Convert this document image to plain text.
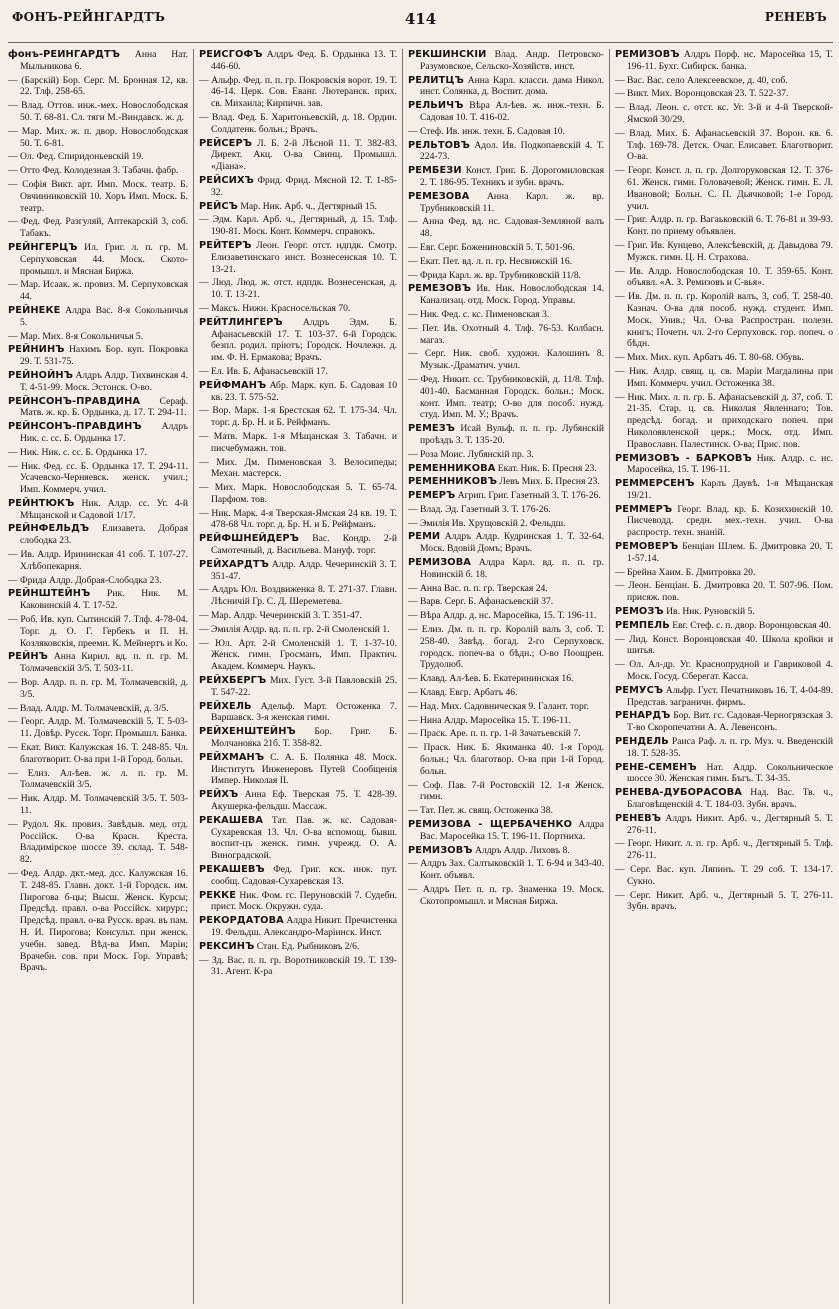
ФОНЪ-РЕЙНГАРДТЪ	414	РЕНЕВЪ

фонъ-РЕЙНГАРДТЪ Анна Нат. Мыльникова 6.

— (Барскій) Бор. Серг. М. Бронная 12, кв. 22. Тлф. 258-65.

— Влад. Оттов. инж.-мех. Новослободская 50. Т. 68-81. Сл. тяги М.-Виндавск. ж. д.

— Мар. Мих. ж. п. двор. Новослободская 50. Т. 6-81.

— Ол. Фед. Спиридоньевскій 19.

— Отто Фед. Колодезная 3. Табачн. фабр.

— Софія Викт. арт. Имп. Моск. театр. Б. Овчинниковскій 10. Хоръ Имп. Моск. Б. театр.

— Фед. Фед. Разгуляй, Аптекарскій 3, соб. Табакъ.

РЕЙНГЕРЦЪ Ил. Григ. л. п. гр. М. Серпуховская 44. Моск. Ското-промышл. и Мясная Биржа.

— Мар. Исаак. ж. провиз. М. Серпуховская 44.

РЕЙНЕКЕ Алдра Вас. 8-я Сокольничья 5.

— Мар. Мих. 8-я Сокольничья 5.

РЕЙНИНЪ Нахимъ Бор. куп. Покровка 29. Т. 531-75.

РЕЙНОЙНЪ Алдръ Алдр. Тихвинская 4. Т. 4-51-99. Моск. Эстонск. О-во.

РЕЙНСОНЪ-ПРАВДИНА Сераф. Матв. ж. кр. Б. Ордынка, д. 17. Т. 294-11.

РЕЙНСОНЪ-ПРАВДИНЪ Алдръ Ник. с. сс. Б. Ордынка 17.

— Ник. Ник. с. сс. Б. Ордынка 17.

— Ник. Фед. сс. Б. Ордынка 17. Т. 294-11. Усачевско-Черняевск. женск. учил.; Имп. Коммерч. учил.

РЕЙНТЮКЪ Ник. Алдр. сс. Уг. 4-й Мѣщанской и Садовой 1/17.

РЕЙНФЕЛЬДЪ Елизавета. Добрая слободка 23.

— Ив. Алдр. Ирининская 41 соб. Т. 107-27. Хлѣбопекарня.

— Фрида Алдр. Добрая-Слободка 23.

РЕЙНШТЕЙНЪ Рик. Ник. М. Каковинскій 4. Т. 17-52.

— Роб. Ив. куп. Сытинскій 7. Тлф. 4-78-04. Торг. д. О. Г. Гербекъ и П. Н. Козляковскія, преемн. К. Мейнертъ и Ко.

РЕЙНЪ Анна Кирил. вд. п. п. гр. М. Толмачевскій 3/5. Т. 503-11.

— Вор. Алдр. п. п. гр. М. Толмачевскій, д. 3/5.

— Влад. Алдр. М. Толмачевскій, д. 3/5.

— Георг. Алдр. М. Толмачевскій 5. Т. 5-03-11. Довѣр. Русск. Торг. Промышл. Банка.

— Екат. Викт. Калужская 16. Т. 248-85. Чл. благотворит. О-ва при 1-й Город. больн.

— Елиз. Ал-ѣев. ж. л. п. гр. М. Толмачевскій 3/5.

— Ник. Алдр. М. Толмачевскій 3/5. Т. 503-11.

— Рудол. Як. провиз. Завѣдыв. мед. отд. Россійск. О-ва Красн. Креста. Владимірское шоссе 39. склад. Т. 548-82.

— Фед. Алдр. дкт.-мед. дсс. Калужская 16. Т. 248-85. Главн. докт. 1-й Городск. им. Пирогова б-цы; Высш. Женск. Курсы; Предсѣд. правл. о-ва Россійск. хирург.; Предсѣд. правл. о-ва Русск. врач. въ пам. Н. И. Пирогова; Консульт. при женск. учебн. завед. Вѣд-ва Имп. Маріи; Врачебн. сов. при Моск. Гор. Управѣ; Врачъ.

РЕЙСГОФЪ Алдръ Фед. Б. Ордынка 13. Т. 446-60.

— Альфр. Фед. п. п. гр. Покровскія ворот. 19. Т. 46-14. Церк. Сов. Еванг. Лютеранск. прих. св. Михаила; Кирпичн. зав.

— Влад. Фед. Б. Харитоньевскій, д. 18. Ордин. Солдатенк. больн.; Врачъ.

РЕЙСЕРЪ Л. Б. 2-й Лѣсной 11. Т. 382-83. Директ. Акц. О-ва Свинц. Промышл. «Діана».

РЕЙСИХЪ Фрид. Фрид. Мясной 12. Т. 1-85-32.

РЕЙСЪ Мар. Ник. Арб. ч., Дегтярный 15.

— Эдм. Карл. Арб. ч., Дегтярный, д. 15. Тлф. 190-81. Моск. Конт. Коммерч. справокъ.

РЕЙТЕРЪ Леон. Георг. отст. ндпдк. Смотр. Елизаветинскаго инст. Вознесенская 10. Т. 13-21.

— Люд. Люд. ж. отст. ндпдк. Вознесенская, д. 10. Т. 13-21.

— Максъ. Нижн. Красносельская 70.

РЕЙТЛИНГЕРЪ Алдръ Эдм. Б. Афанасьевскій 17. Т. 103-37. 6-й Городск. безпл. родил. пріютъ; Городск. Ночлежн. д. им. Ф. Н. Ермакова; Врачъ.

— Ел. Ив. Б. Афанасьевскій 17.

РЕЙФМАНЪ Абр. Марк. куп. Б. Садовая 10 кв. 23. Т. 575-52.

— Вор. Марк. 1-я Брестская 62. Т. 175-34. Чл. торг. д. Бр. Н. и Б. Рейфманъ.

— Матв. Марк. 1-я Мѣщанская 3. Табачн. и писчебумажн. тов.

— Мих. Дм. Пименовская 3. Велосипеды; Механ. мастерск.

— Мих. Марк. Новослободская 5. Т. 65-74. Парфюм. тов.

— Ник. Марк. 4-я Тверская-Ямская 24 кв. 19. Т. 478-68 Чл. торг. д. Бр. Н. и Б. Рейфманъ.

РЕЙФШНЕЙДЕРЪ Вас. Кондр. 2-й Самотечный, д. Васильева. Мануф. торг.

РЕЙХАРДТЪ Алдр. Алдр. Чечеринскій 3. Т. 351-47.

— Алдръ Юл. Воздвиженка 8. Т. 271-37. Главн. Лѣсничій Гр. С. Д. Шереметева.

— Мар. Алдр. Чечеринскій 3. Т. 351-47.

— Эмилія Алдр. вд. п. п. гр. 2-й Смоленскій 1.

— Юл. Арт. 2-й Смоленскій 1. Т. 1-37-10. Женск. гимн. Гросманъ, Имп. Практич. Академ. Коммерч. Наукъ.

РЕЙХБЕРГЪ Мих. Густ. 3-й Павловскій 25. Т. 547-22.

РЕЙХЕЛЬ Адельф. Март. Остоженка 7. Варшавск. 3-я женская гимн.

РЕЙХЕНШТЕЙНЪ Бор. Григ. Б. Молчановка 21б. Т. 358-82.

РЕЙХМАНЪ С. А. Б. Полянка 48. Моск. Институтъ Инженеровъ Путей Сообщенія Импер. Николая II.

РЕЙХЪ Анна Еф. Тверская 75. Т. 428-39. Акушерка-фельдш. Массаж.

РЕКАШЕВА Тат. Пав. ж. кс. Садовая-Сухаревская 13. Чл. О-ва вспомощ. бывш. воспит-цъ женск. гимн. учрежд. О. А. Виноградской.

РЕКАШЕВЪ Фед. Григ. кск. инж. пут. сообщ. Садовая-Сухаревская 13.

РЕККЕ Ник. Фом. гс. Перуновскій 7. Судебн. прист. Моск. Окружн. суда.

РЕКОРДАТОВА Алдра Никит. Пречистенка 19. Фельдш. Александро-Маріинск. Инст.

РЕКСИНЪ Стан. Ед. Рыбниковъ 2/6.

— Зд. Вас. п. п. гр. Воротниковскій 19. Т. 139-31. Агент. К-ра

РЕКШИНСКІЙ Влад. Андр. Петровско-Разумовское, Сельско-Хозяйств. инст.

РЕЛИТЦЪ Анна Карл. класси. дама Никол. инст. Солянка, д. Воспит. дома.

РЕЛЬИЧЪ Вѣра Ал-ѣев. ж. инж.-техн. Б. Садовая 10. Т. 416-02.

— Стеф. Ив. инж. техн. Б. Садовая 10.

РЕЛЬТОВЪ Адол. Ив. Подкопаевскій 4. Т. 224-73.

РЕМБЕЗИ Конст. Григ. Б. Дорогомиловская 2. Т. 186-95. Техникъ и зубн. врачъ.

РЕМЕЗОВА Анна Карл. ж. вр. Трубниковскій 11.

— Анна Фед. вд. нс. Садовая-Земляной валъ 48.

— Евг. Серг. Божениновскій 5. Т. 501-96.

— Екат. Пет. вд. л. п. гр. Несвижскій 16.

— Фрида Карл. ж. вр. Трубниковскій 11/8.

РЕМЕЗОВЪ Ив. Ник. Новослободская 14. Канализац. отд. Моск. Город. Управы.

— Ник. Фед. с. кс. Пименовская 3.

— Пет. Ив. Охотный 4. Тлф. 76-53. Колбасн. магаз.

— Серг. Ник. своб. художн. Калошинъ 8. Музык.-Драматич. учил.

— Фед. Никит. сс. Трубниковскій, д. 11/8. Тлф. 401-40. Басманная Городск. больн.; Моск. конт. Имп. театр; О-во для пособ. нужд. студ. Имп. М. У.; Врачъ.

РЕМЕЗЪ Исай Вульф. п. п. гр. Лубянскій проѣздъ 3. Т. 135-20.

— Роза Моис. Лубянскій пр. 3.

РЕМЕННИКОВА Екат. Ник. Б. Пресня 23.

РЕМЕННИКОВЪ Левъ Мих. Б. Пресня 23.

РЕМЕРЪ Агрип. Григ. Газетный 3. Т. 176-26.

— Влад. Эд. Газетный 3. Т. 176-26.

— Эмилія Ив. Хрущовскій 2. Фельдш.

РЕМИ Алдръ Алдр. Кудринская 1. Т. 32-64. Моск. Вдовій Домъ; Врачъ.

РЕМИЗОВА Алдра Карл. вд. п. п. гр. Новинскій б. 18.

— Анна Вас. п. п. гр. Тверская 24.

— Варв. Серг. Б. Афанасьевскій 37.

— Вѣра Алдр. д. нс. Маросейка, 15. Т. 196-11.

— Елиз. Дм. п. п. гр. Королій валъ 3, соб. Т. 258-40. Завѣд. богад. 2-го Серпуховск. городск. попеч-ва о бѣдн.; О-во Поощрен. Трудолюб.

— Клавд. Ал-ѣев. Б. Екатерининская 16.

— Клавд. Евгр. Арбатъ 46.

— Над. Мих. Садовническая 9. Галант. торг.

— Нина Алдр. Маросейка 15. Т. 196-11.

— Праск. Аре. п. п. гр. 1-й Зачатьевскій 7.

— Праск. Ник. Б. Якиманка 40. 1-я Город. больн.; Чл. благотвор. О-ва при 1-й Город. больн.

— Соф. Пав. 7-й Ростовскій 12. 1-я Женск. гимн.

— Тат. Пет. ж. свящ. Остоженка 38.

РЕМИЗОВА - ЩЕРБАЧЕНКО Алдра Вас. Маросейка 15. Т. 196-11. Портниха.

РЕМИЗОВЪ Алдръ Алдр. Лиховъ 8.

— Алдръ Зах. Салтыковскій 1. Т. 6-94 и 343-40. Конт. объявл.

— Алдръ Пет. п. п. гр. Знаменка 19. Моск. Скотопромышл. и Мясная Биржа.

РЕМИЗОВЪ Алдръ Порф. нс. Маросейка 15, Т. 196-11. Бухг. Сибирск. банка.

— Вас. Вас. село Алексеевское, д. 40, соб.

— Викт. Мих. Воронцовская 23. Т. 522-37.

— Влад. Леон. с. отст. кс. Уг. 3-й и 4-й Тверской-Ямской 30/29.

— Влад. Мих. Б. Афанасьевскій 37. Ворон. кв. 6. Тлф. 169-78. Детск. Очаг. Елисавет. Благотворит. О-ва.

— Георг. Конст. л. п. гр. Долгоруковская 12. Т. 376-61. Женск. гимн. Головачевой; Женск. гимн. Е. Л. Ивановой; Больн. С. П. Дьячковой; 1-е Город. учил.

— Григ. Алдр. п. гр. Вагаьковскій 6. Т. 76-81 и 39-93. Конт. по приему объявлен.

— Григ. Ив. Кунцево, Алексѣевскій, д. Давыдова 79. Мужск. гимн. Ц. Н. Страхова.

— Ив. Алдр. Новослободская 10. Т. 359-65. Конт. объявл. «А. З. Ремизовъ и С-вья».

— Ив. Дм. п. п. гр. Королій валъ, 3, соб. Т. 258-40. Казнач. О-ва для пособ. нужд. студент. Имп. Моск. Унив.; Чл. О-ва Распростран. полезн. книгъ; Почетн. чл. 2-го Серпуховск. гор. попеч. о бѣдн.

— Мих. Мих. куп. Арбатъ 46. Т. 80-68. Обувь.

— Ник. Алдр. свящ. ц. св. Маріи Магдалины при Имп. Коммерч. учил. Остоженка 38.

— Ник. Мих. л. п. гр. Б. Афанасьевскій д. 37, соб. Т. 21-35. Стар. ц. св. Николая Явленнаго; Тов. предсѣд. богад. и приходскаго попеч. при Николоявленской церк.; Моск. отд. Имп. Православн. Палестинск. О-ва; Прис. пов.

РЕМИЗОВЪ - БАРКОВЪ Ник. Алдр. с. нс. Маросейка, 15. Т. 196-11.

РЕММЕРСЕНЪ Карлъ Даувѣ. 1-я Мѣщанская 19/21.

РЕММЕРЪ Георг. Влад. кр. Б. Козихинскій 10. Писчеводд. средн. мех.-техн. учил. О-ва распростр. техн. знаній.

РЕМОВЕРЪ Бенціан Шлем. Б. Дмитровка 20. Т. 1-57.14.

— Брейна Хаим. Б. Дмитровка 20.

— Леон. Бенціан. Б. Дмитровка 20. Т. 507-96. Пом. присяж. пов.

РЕМОЗЪ Ив. Ник. Руновскій 5.

РЕМПЕЛЬ Евг. Стеф. с. п. двор. Воронцовская 40.

— Лид. Конст. Воронцовская 40. Школа кройки и шитья.

— Ол. Ал-др. Уг. Краснопрудной и Гавриковой 4. Моск. Госуд. Сберегат. Касса.

РЕМУСЪ Альфр. Густ. Печатниковъ 16. Т. 4-04-89. Представ. заграничн. фирмъ.

РЕНАРДЪ Бор. Вит. гс. Садовая-Черногрязская 3. Т-во Скоропечатни А. А. Левенсонъ.

РЕНДЕЛЬ Раиса Раф. л. п. гр. Муз. ч. Введенскій 18. Т. 528-35.

РЕНЕ-СЕМЕНЪ Нат. Алдр. Сокольническое шоссе 30. Женская гимн. Бъгъ. Т. 34-35.

РЕНЕВА-ДУБОРАСОВА Над. Вас. Тв. ч., Благовѣщенскій 4. Т. 184-03. Зубн. врачъ.

РЕНЕВЪ Алдръ Никит. Арб. ч., Дегтярный 5. Т. 276-11.

— Георг. Никит. л. п. гр. Арб. ч., Дегтярный 5. Тлф. 276-11.

— Серг. Вас. куп. Ляпинъ. Т. 29 соб. Т. 134-17. Сукно.

— Серг. Никит. Арб. ч., Дегтярный 5. Т. 276-11. Зубн. врачъ.
